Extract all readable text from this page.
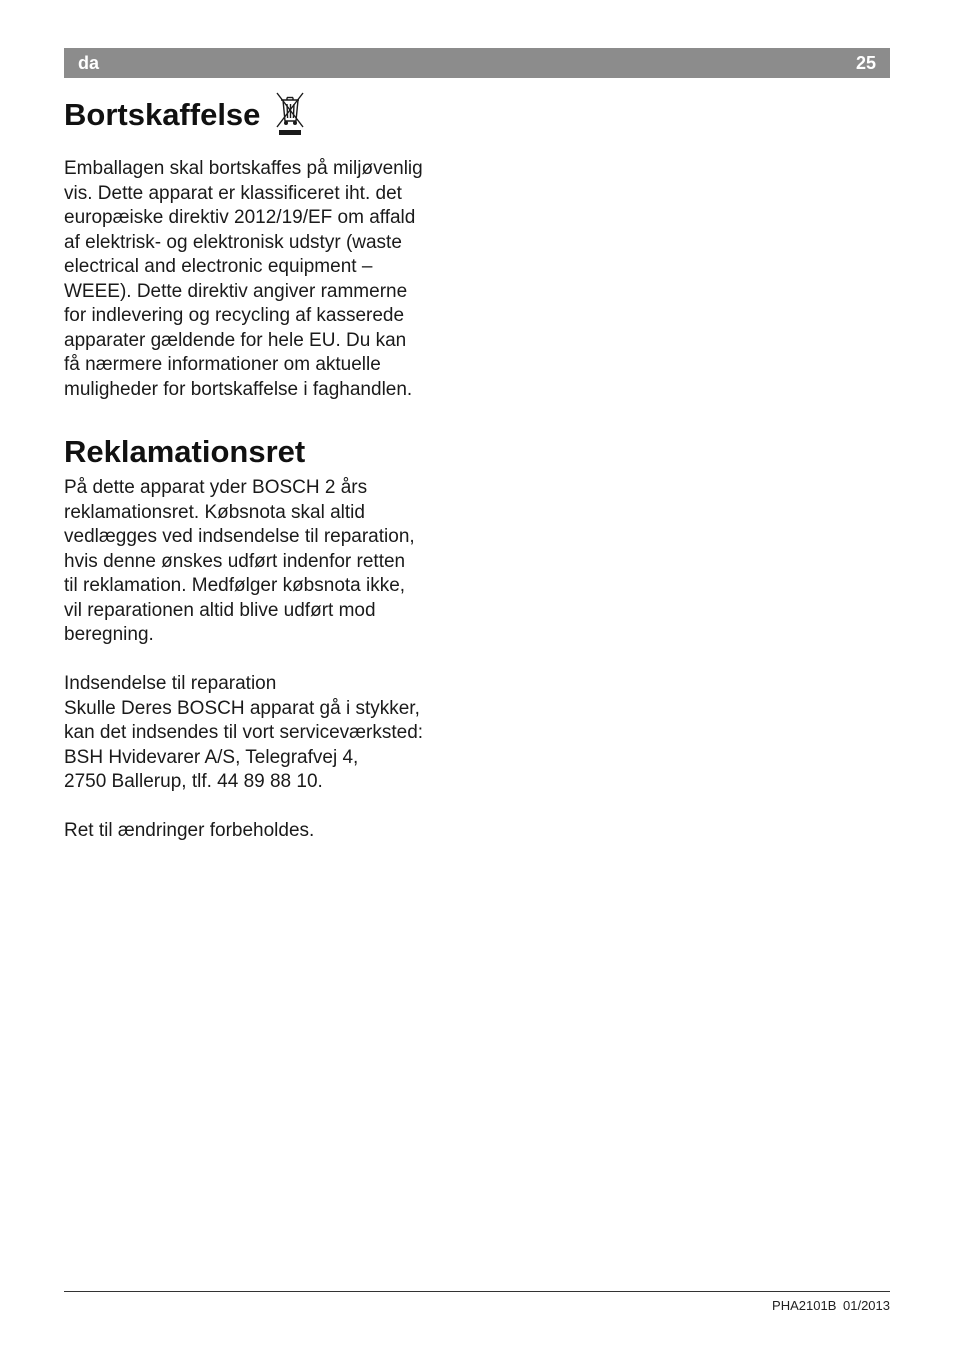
da	25
Bortskaffelse

Emballagen skal bortskaffes på miljøvenlig
vis. Dette apparat er klassificeret iht. det
europæiske direktiv 2012/19/EF om affald
af elektrisk- og elektronisk udstyr (waste
electrical and electronic equipment –
WEEE). Dette direktiv angiver rammerne
for indlevering og recycling af kasserede
apparater gældende for hele EU. Du kan
få nærmere informationer om aktuelle
muligheder for bortskaffelse i faghandlen.

Reklamationsret

På dette apparat yder BOSCH 2 års
reklamationsret. Købsnota skal altid
vedlægges ved indsendelse til reparation,
hvis denne ønskes udført indenfor retten
til reklamation. Medfølger købsnota ikke,
vil reparationen altid blive udført mod
beregning.

Indsendelse til reparation
Skulle Deres BOSCH apparat gå i stykker,
kan det indsendes til vort serviceværksted:
BSH Hvidevarer A/S, Telegrafvej 4,
2750 Ballerup, tlf. 44 89 88 10.

Ret til ændringer forbeholdes.

PHA2101B 01/2013
